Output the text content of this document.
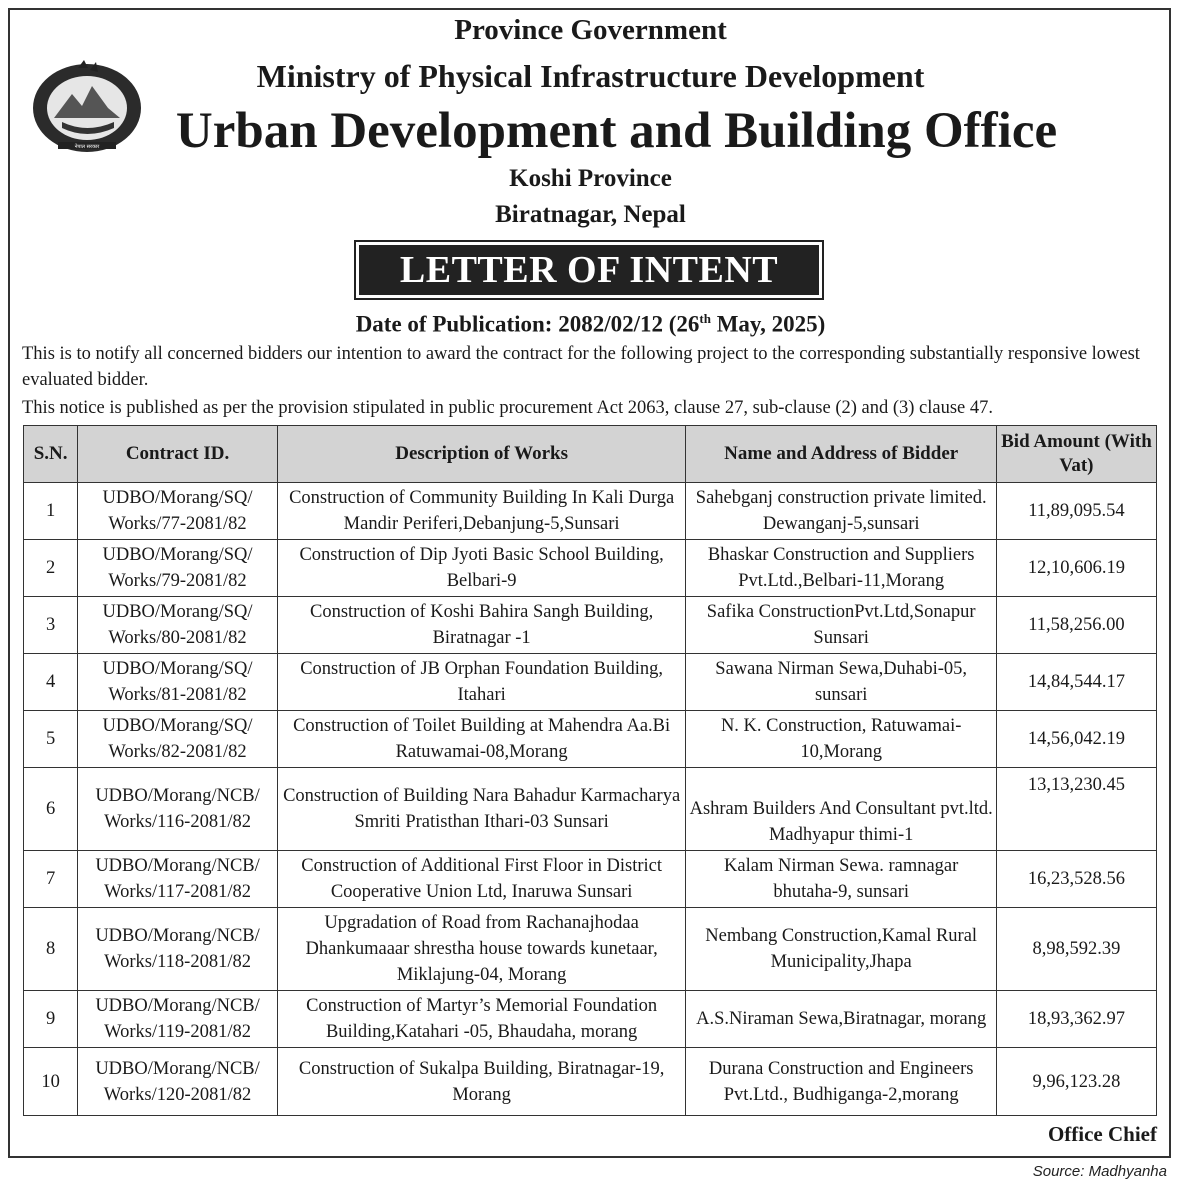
नेपाल सरकार
Province Government
Ministry of Physical Infrastructure Development
Urban Development and Building Office
Koshi Province
Biratnagar, Nepal
LETTER OF INTENT
Date of Publication: 2082/02/12 (26th May, 2025)
This is to notify all concerned bidders our intention to award the contract for the following project to the corresponding substantially responsive lowest evaluated bidder.
This notice is published as per the provision stipulated in public procurement Act 2063, clause 27, sub-clause (2) and (3) clause 47.
S.N.	Contract ID.	Description of Works	Name and Address of Bidder	Bid Amount (With Vat)
1	UDBO/Morang/SQ/ Works/77-2081/82	Construction of Community Building In Kali Durga Mandir Periferi,Debanjung-5,Sunsari	Sahebganj construction private limited. Dewanganj-5,sunsari	11,89,095.54
2	UDBO/Morang/SQ/ Works/79-2081/82	Construction of Dip Jyoti Basic School Building, Belbari-9	Bhaskar Construction and Suppliers Pvt.Ltd.,Belbari-11,Morang	12,10,606.19
3	UDBO/Morang/SQ/ Works/80-2081/82	Construction of Koshi Bahira Sangh Building, Biratnagar -1	Safika ConstructionPvt.Ltd,Sonapur Sunsari	11,58,256.00
4	UDBO/Morang/SQ/ Works/81-2081/82	Construction of JB Orphan Foundation Building, Itahari	Sawana Nirman Sewa,Duhabi-05, sunsari	14,84,544.17
5	UDBO/Morang/SQ/ Works/82-2081/82	Construction of Toilet Building at Mahendra Aa.Bi Ratuwamai-08,Morang	N. K. Construction, Ratuwamai-10,Morang	14,56,042.19
6	UDBO/Morang/NCB/ Works/116-2081/82	Construction of Building Nara Bahadur Karmacharya Smriti Pratisthan Ithari-03 Sunsari	Ashram Builders And Consultant pvt.ltd. Madhyapur thimi-1	13,13,230.45
7	UDBO/Morang/NCB/ Works/117-2081/82	Construction of Additional First Floor in District Cooperative Union Ltd, Inaruwa Sunsari	Kalam Nirman Sewa. ramnagar bhutaha-9, sunsari	16,23,528.56
8	UDBO/Morang/NCB/ Works/118-2081/82	Upgradation of Road from Rachanajhodaa Dhankumaaar shrestha house towards kunetaar, Miklajung-04, Morang	Nembang Construction,Kamal Rural Municipality,Jhapa	8,98,592.39
9	UDBO/Morang/NCB/ Works/119-2081/82	Construction of Martyr’s Memorial Foundation Building,Katahari -05, Bhaudaha, morang	A.S.Niraman Sewa,Biratnagar, morang	18,93,362.97
10	UDBO/Morang/NCB/ Works/120-2081/82	Construction of Sukalpa Building, Biratnagar-19, Morang	Durana Construction and Engineers Pvt.Ltd., Budhiganga-2,morang	9,96,123.28
Office Chief
Source: Madhyanha
